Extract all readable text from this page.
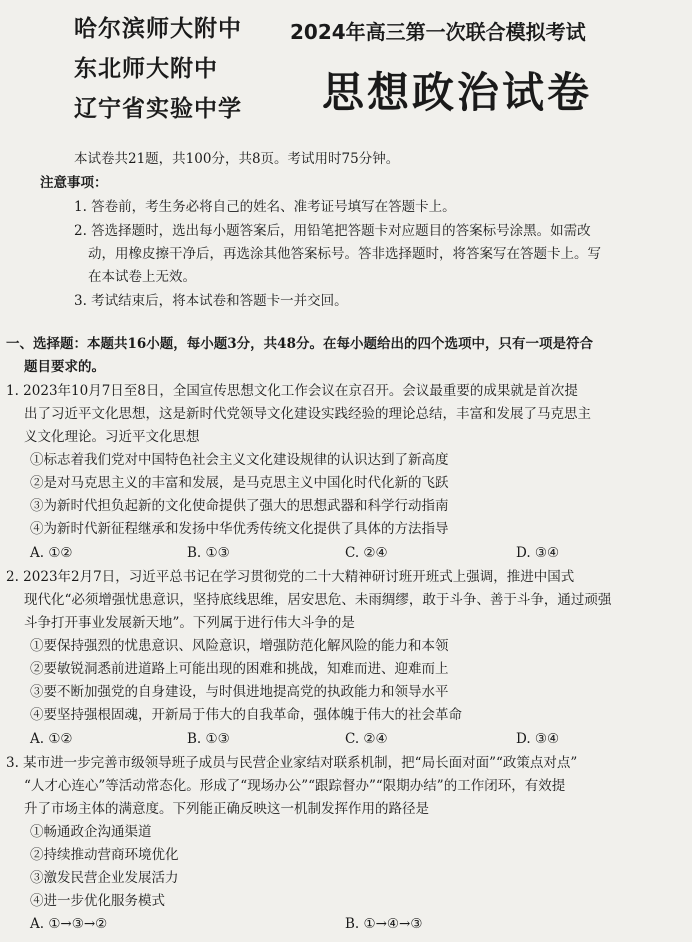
哈尔滨师大附中
东北师大附中
辽宁省实验中学
2024年高三第一次联合模拟考试
思想政治试卷
本试卷共21题，共100分，共8页。考试用时75分钟。
注意事项：
1. 答卷前，考生务必将自己的姓名、准考证号填写在答题卡上。
2. 答选择题时，选出每小题答案后，用铅笔把答题卡对应题目的答案标号涂黑。如需改
动，用橡皮擦干净后，再选涂其他答案标号。答非选择题时，将答案写在答题卡上。写
在本试卷上无效。
3. 考试结束后，将本试卷和答题卡一并交回。
一、选择题：本题共16小题，每小题3分，共48分。在每小题给出的四个选项中，只有一项是符合
题目要求的。
1. 2023年10月7日至8日，全国宣传思想文化工作会议在京召开。会议最重要的成果就是首次提
出了习近平文化思想，这是新时代党领导文化建设实践经验的理论总结，丰富和发展了马克思主
义文化理论。习近平文化思想
①标志着我们党对中国特色社会主义文化建设规律的认识达到了新高度
②是对马克思主义的丰富和发展，是马克思主义中国化时代化新的飞跃
③为新时代担负起新的文化使命提供了强大的思想武器和科学行动指南
④为新时代新征程继承和发扬中华优秀传统文化提供了具体的方法指导
A. ①②	B. ①③	C. ②④	D. ③④
2. 2023年2月7日，习近平总书记在学习贯彻党的二十大精神研讨班开班式上强调，推进中国式
现代化“必须增强忧患意识，坚持底线思维，居安思危、未雨绸缪，敢于斗争、善于斗争，通过顽强
斗争打开事业发展新天地”。下列属于进行伟大斗争的是
①要保持强烈的忧患意识、风险意识，增强防范化解风险的能力和本领
②要敏锐洞悉前进道路上可能出现的困难和挑战，知难而进、迎难而上
③要不断加强党的自身建设，与时俱进地提高党的执政能力和领导水平
④要坚持强根固魂，开新局于伟大的自我革命，强体魄于伟大的社会革命
A. ①②	B. ①③	C. ②④	D. ③④
3. 某市进一步完善市级领导班子成员与民营企业家结对联系机制，把“局长面对面”“政策点对点”
“人才心连心”等活动常态化。形成了“现场办公”“跟踪督办”“限期办结”的工作闭环，有效提
升了市场主体的满意度。下列能正确反映这一机制发挥作用的路径是
①畅通政企沟通渠道
②持续推动营商环境优化
③激发民营企业发展活力
④进一步优化服务模式
A. ①→③→②	B. ①→④→③
